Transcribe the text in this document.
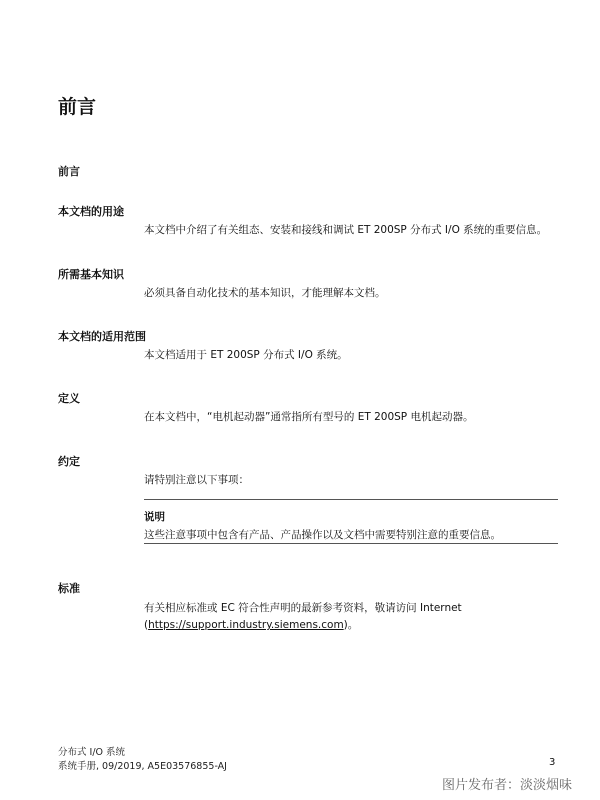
前言
前言
本文档的用途
本文档中介绍了有关组态、安装和接线和调试 ET 200SP 分布式 I/O 系统的重要信息。
所需基本知识
必须具备自动化技术的基本知识，才能理解本文档。
本文档的适用范围
本文档适用于 ET 200SP 分布式 I/O 系统。
定义
在本文档中，“电机起动器”通常指所有型号的 ET 200SP 电机起动器。
约定
请特别注意以下事项：
说明
这些注意事项中包含有产品、产品操作以及文档中需要特别注意的重要信息。
标准
有关相应标准或 EC 符合性声明的最新参考资料，敬请访问 Internet
(https://support.industry.siemens.com)。
分布式 I/O 系统
系统手册, 09/2019, A5E03576855-AJ	3
图片发布者：淡淡烟味
